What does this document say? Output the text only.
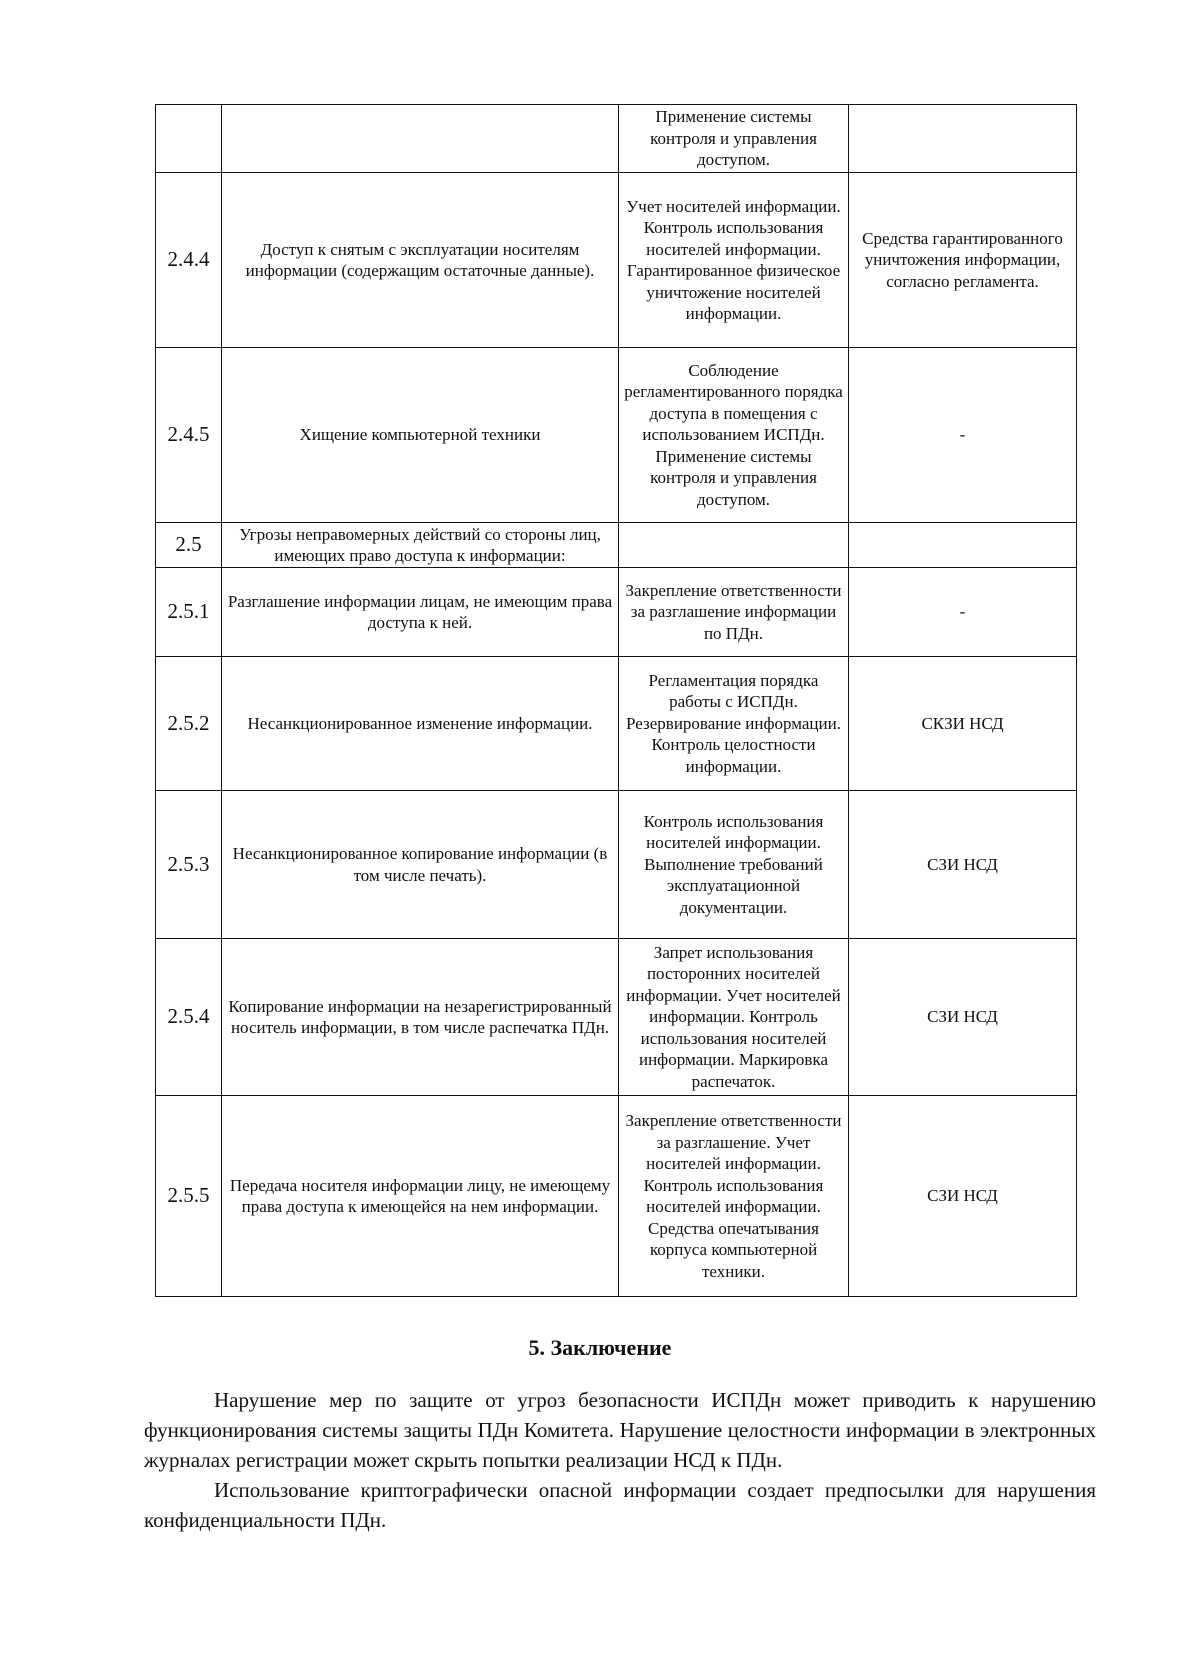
		Применение системы контроля и управления доступом.	
2.4.4	Доступ к снятым с эксплуатации носителям информации (содержащим остаточные данные).	Учет носителей информации. Контроль использования носителей информации. Гарантированное физическое уничтожение носителей информации.	Средства гарантированного уничтожения информации, согласно регламента.
2.4.5	Хищение компьютерной техники	Соблюдение регламентированного порядка доступа в помещения с использованием ИСПДн. Применение системы контроля и управления доступом.	-
2.5	Угрозы неправомерных действий со стороны лиц, имеющих право доступа к информации:		
2.5.1	Разглашение информации лицам, не имеющим права доступа к ней.	Закрепление ответственности за разглашение информации по ПДн.	-
2.5.2	Несанкционированное изменение информации.	Регламентация порядка работы с ИСПДн. Резервирование информации. Контроль целостности информации.	СКЗИ НСД
2.5.3	Несанкционированное копирование информации (в том числе печать).	Контроль использования носителей информации. Выполнение требований эксплуатационной документации.	СЗИ НСД
2.5.4	Копирование информации на незарегистрированный носитель информации, в том числе распечатка ПДн.	Запрет использования посторонних носителей информации. Учет носителей информации. Контроль использования носителей информации. Маркировка распечаток.	СЗИ НСД
2.5.5	Передача носителя информации лицу, не имеющему права доступа к имеющейся на нем информации.	Закрепление ответственности за разглашение. Учет носителей информации. Контроль использования носителей информации. Средства опечатывания корпуса компьютерной техники.	СЗИ НСД
5. Заключение

Нарушение мер по защите от угроз безопасности ИСПДн может приводить к нарушению функционирования системы защиты ПДн Комитета. Нарушение целостности информации в электронных журналах регистрации может скрыть попытки реализации НСД к ПДн.

Использование криптографически опасной информации создает предпосылки для нарушения конфиденциальности ПДн.
